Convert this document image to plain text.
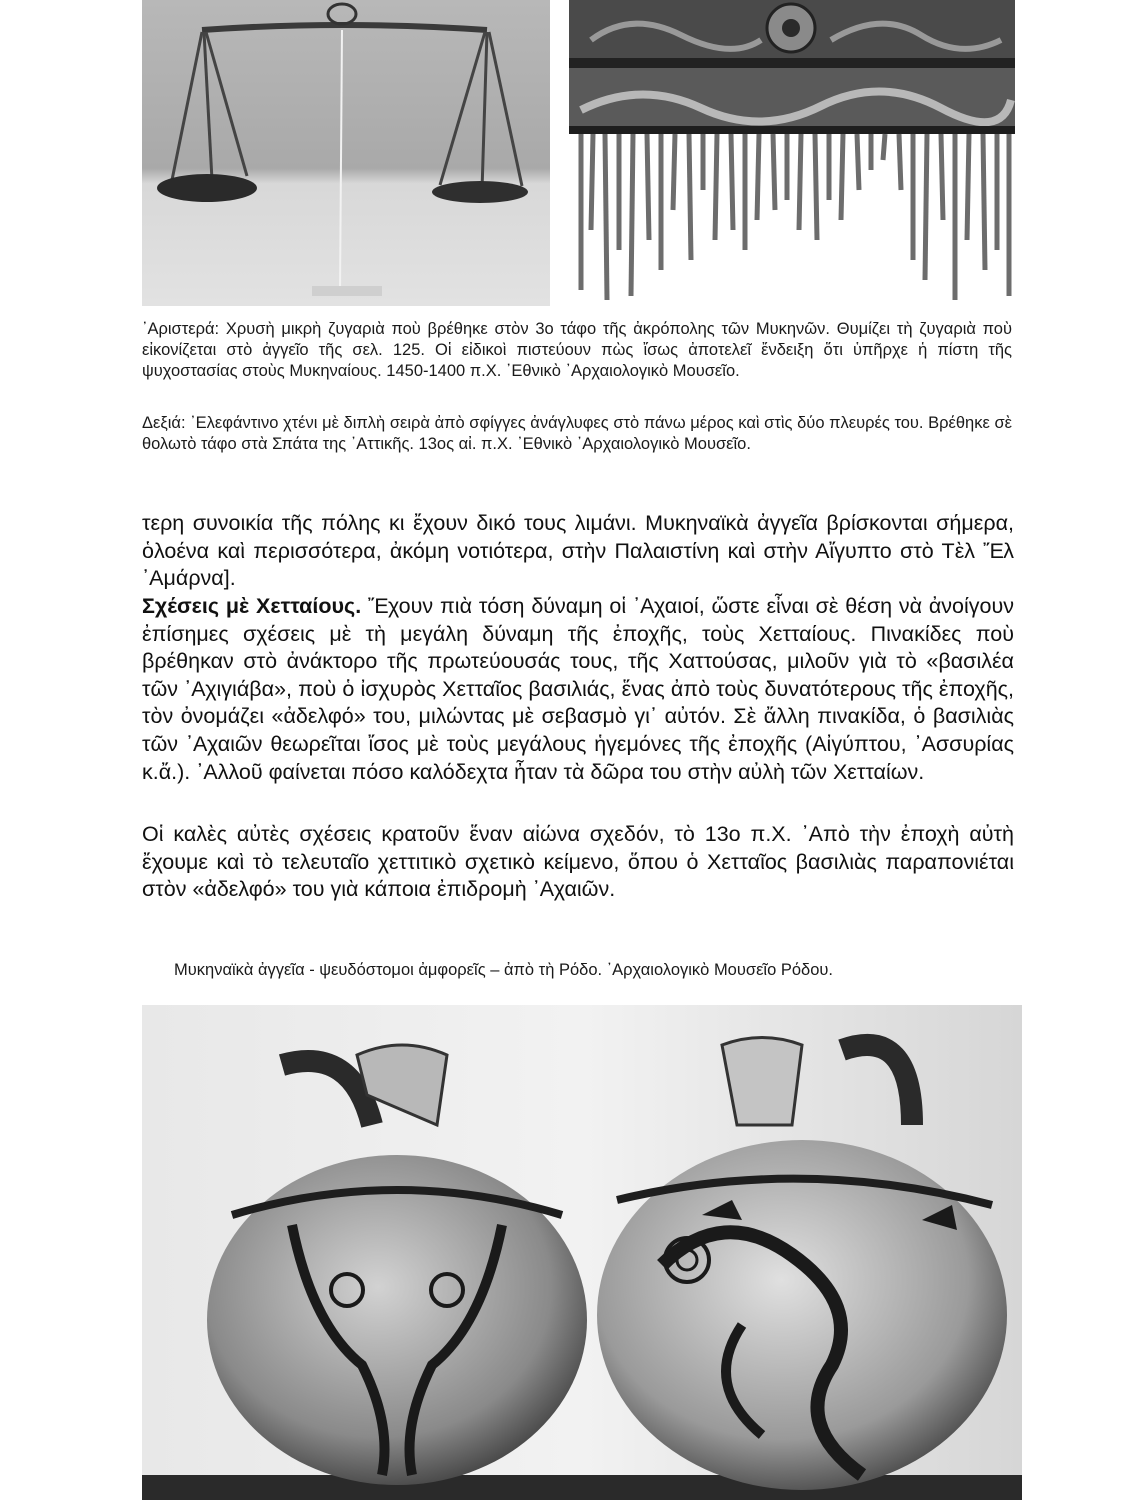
᾿Αριστερά: Χρυσὴ μικρὴ ζυγαριὰ ποὺ βρέθηκε στὸν 3ο τάφο τῆς ἀκρόπολης τῶν Μυκηνῶν. Θυμίζει τὴ ζυγαριὰ ποὺ εἰκονίζεται στὸ ἀγγεῖο τῆς σελ. 125. Οἱ εἰδικοὶ πιστεύουν πὼς ἴσως ἀποτελεῖ ἔνδειξη ὅτι ὑπῆρχε ἡ πίστη τῆς ψυχοστασίας στοὺς Μυκηναίους. 1450-1400 π.Χ. ᾿Εθνικὸ ᾿Αρχαιολογικὸ Μουσεῖο.

Δεξιά: ᾿Ελεφάντινο χτένι μὲ διπλὴ σειρὰ ἀπὸ σφίγγες ἀνάγλυφες στὸ πάνω μέρος καὶ στὶς δύο πλευρές του. Βρέθηκε σὲ θολωτὸ τάφο στὰ Σπάτα της ᾿Αττικῆς. 13ος αἰ. π.Χ. ᾿Εθνικὸ ᾿Αρχαιολογικὸ Μουσεῖο.

τερη συνοικία τῆς πόλης κι ἔχουν δικό τους λιμάνι. Μυκηναϊκὰ ἀγγεῖα βρίσκονται σήμερα, ὁλοένα καὶ περισσότερα, ἀκόμη νοτιότερα, στὴν Παλαιστίνη καὶ στὴν Αἴγυπτο στὸ Τὲλ Ἔλ ᾿Αμάρνα].

Σχέσεις μὲ Χετταίους. Ἔχουν πιὰ τόση δύναμη οἱ ᾿Αχαιοί, ὥστε εἶναι σὲ θέση νὰ ἀνοίγουν ἐπίσημες σχέσεις μὲ τὴ μεγάλη δύναμη τῆς ἐποχῆς, τοὺς Χετταίους. Πινακίδες ποὺ βρέθηκαν στὸ ἀνάκτορο τῆς πρωτεύουσάς τους, τῆς Χαττούσας, μιλοῦν γιὰ τὸ «βασιλέα τῶν ᾿Αχιγιάβα», ποὺ ὁ ἰσχυρὸς Χετταῖος βασιλιάς, ἕνας ἀπὸ τοὺς δυνατότερους τῆς ἐποχῆς, τὸν ὀνομάζει «ἀδελφό» του, μιλώντας μὲ σεβασμὸ γι᾿ αὐτόν. Σὲ ἄλλη πινακίδα, ὁ βασιλιὰς τῶν ᾿Αχαιῶν θεωρεῖται ἴσος μὲ τοὺς μεγάλους ἡγεμόνες τῆς ἐποχῆς (Αἰγύπτου, ᾿Ασσυρίας κ.ἄ.). ᾿Αλλοῦ φαίνεται πόσο καλόδεχτα ἦταν τὰ δῶρα του στὴν αὐλὴ τῶν Χετταίων.

Οἱ καλὲς αὐτὲς σχέσεις κρατοῦν ἕναν αἰώνα σχεδόν, τὸ 13ο π.Χ. ᾿Απὸ τὴν ἐποχὴ αὐτὴ ἔχουμε καὶ τὸ τελευταῖο χεττιτικὸ σχετικὸ κείμενο, ὅπου ὁ Χετταῖος βασιλιὰς παραπονιέται στὸν «ἀδελφό» του γιὰ κάποια ἐπιδρομὴ ᾿Αχαιῶν.

Μυκηναϊκὰ ἀγγεῖα - ψευδόστομοι ἀμφορεῖς – ἀπὸ τὴ Ρόδο. ᾿Αρχαιολογικὸ Μουσεῖο Ρόδου.
